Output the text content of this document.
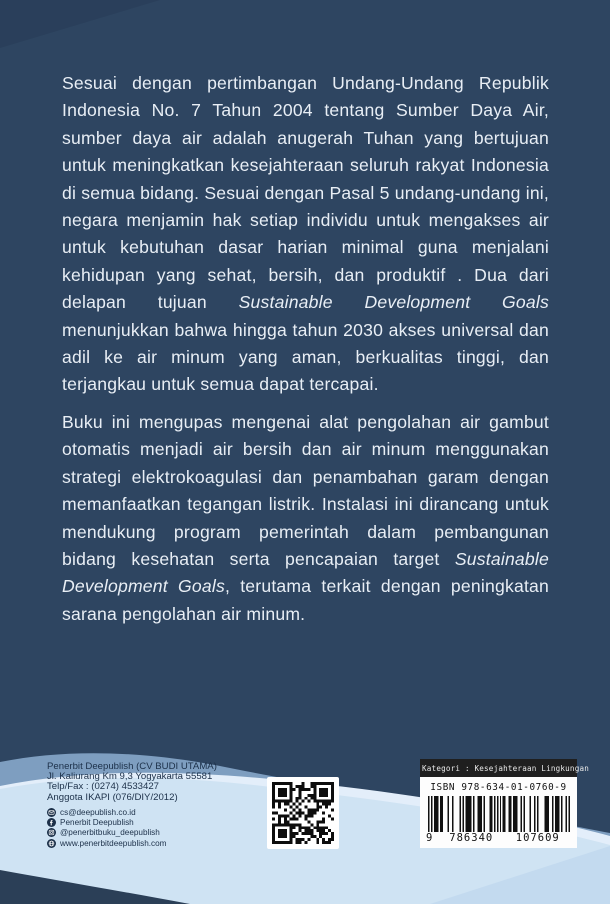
Sesuai dengan pertimbangan Undang-Undang Republik Indonesia No. 7 Tahun 2004 tentang Sumber Daya Air, sumber daya air adalah anugerah Tuhan yang bertujuan untuk meningkatkan kesejahteraan seluruh rakyat Indonesia di semua bidang. Sesuai dengan Pasal 5 undang-undang ini, negara menjamin hak setiap individu untuk mengakses air untuk kebutuhan dasar harian minimal guna menjalani kehidupan yang sehat, bersih, dan produktif . Dua dari delapan tujuan Sustainable Development Goals menunjukkan bahwa hingga tahun 2030 akses universal dan adil ke air minum yang aman, berkualitas tinggi, dan terjangkau untuk semua dapat tercapai.

Buku ini mengupas mengenai alat pengolahan air gambut otomatis menjadi air bersih dan air minum menggunakan strategi elektrokoagulasi dan penambahan garam dengan memanfaatkan tegangan listrik. Instalasi ini dirancang untuk mendukung program pemerintah dalam pembangunan bidang kesehatan serta pencapaian target Sustainable Development Goals, terutama terkait dengan peningkatan sarana pengolahan air minum.

Penerbit Deepublish (CV BUDI UTAMA)
Jl. Kaliurang Km 9,3 Yogyakarta 55581
Telp/Fax : (0274) 4533427
Anggota IKAPI (076/DIY/2012)
cs@deepublish.co.id
Penerbit Deepublish
@penerbitbuku_deepublish
www.penerbitdeepublish.com
Kategori : Kesejahteraan Lingkungan
ISBN 978-634-01-0760-9
9	786340	107609
